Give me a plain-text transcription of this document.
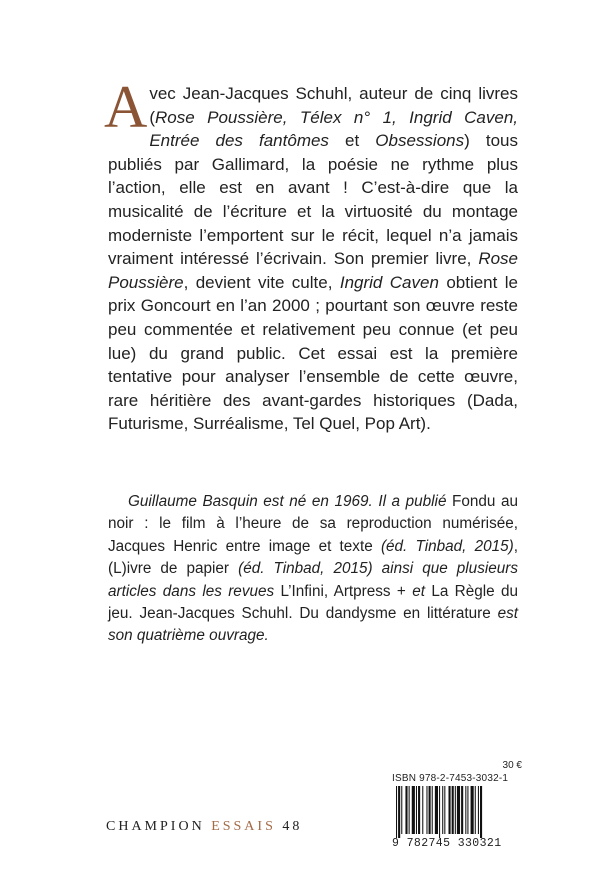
Avec Jean-Jacques Schuhl, auteur de cinq livres (Rose Poussière, Télex n° 1, Ingrid Caven, Entrée des fantômes et Obsessions) tous publiés par Gallimard, la poésie ne rythme plus l’action, elle est en avant ! C’est-à-dire que la musicalité de l’écriture et la virtuosité du montage moderniste l’emportent sur le récit, lequel n’a jamais vraiment intéressé l’écrivain. Son premier livre, Rose Poussière, devient vite culte, Ingrid Caven obtient le prix Goncourt en l’an 2000 ; pourtant son œuvre reste peu commentée et relativement peu connue (et peu lue) du grand public. Cet essai est la première tentative pour analyser l’ensemble de cette œuvre, rare héritière des avant-gardes historiques (Dada, Futurisme, Surréalisme, Tel Quel, Pop Art).
Guillaume Basquin est né en 1969. Il a publié Fondu au noir : le film à l’heure de sa reproduction numérisée, Jacques Henric entre image et texte (éd. Tinbad, 2015), (L)ivre de papier (éd. Tinbad, 2015) ainsi que plusieurs articles dans les revues L’Infini, Artpress + et La Règle du jeu. Jean-Jacques Schuhl. Du dandysme en littérature est son quatrième ouvrage.
CHAMPION ESSAIS 48
30 €
ISBN 978-2-7453-3032-1
9 782745 330321
